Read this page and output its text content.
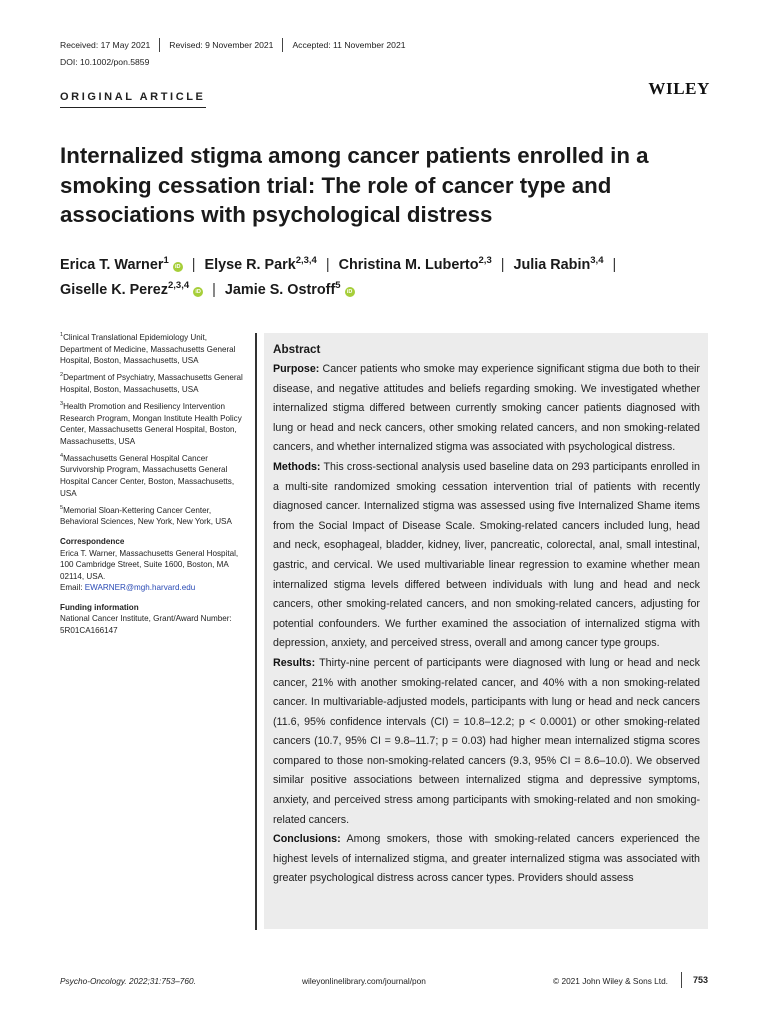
Received: 17 May 2021 Revised: 9 November 2021 Accepted: 11 November 2021
DOI: 10.1002/pon.5859
ORIGINAL ARTICLE	WILEY
Internalized stigma among cancer patients enrolled in a smoking cessation trial: The role of cancer type and associations with psychological distress
Erica T. Warner$^1$iD | Elyse R. Park$^{2,3,4}$ | Christina M. Luberto$^{2,3}$ | Julia Rabin$^{3,4}$ |
Giselle K. Perez$^{2,3,4}$iD | Jamie S. Ostroff$^5$iD
$^1$Clinical Translational Epidemiology Unit, Department of Medicine, Massachusetts General Hospital, Boston, Massachusetts, USA
$^2$Department of Psychiatry, Massachusetts General Hospital, Boston, Massachusetts, USA
$^3$Health Promotion and Resiliency Intervention Research Program, Mongan Institute Health Policy Center, Massachusetts General Hospital, Boston, Massachusetts, USA
$^4$Massachusetts General Hospital Cancer Survivorship Program, Massachusetts General Hospital Cancer Center, Boston, Massachusetts, USA
$^5$Memorial Sloan-Kettering Cancer Center, Behavioral Sciences, New York, New York, USA
Correspondence
Erica T. Warner, Massachusetts General Hospital, 100 Cambridge Street, Suite 1600, Boston, MA 02114, USA.
Email: EWARNER@mgh.harvard.edu
Funding information
National Cancer Institute, Grant/Award Number: 5R01CA166147
Abstract

Purpose: Cancer patients who smoke may experience significant stigma due both to their disease, and negative attitudes and beliefs regarding smoking. We investigated whether internalized stigma differed between currently smoking cancer patients diagnosed with lung or head and neck cancers, other smoking related cancers, and non smoking-related cancers, and whether internalized stigma was associated with psychological distress.

Methods: This cross-sectional analysis used baseline data on 293 participants enrolled in a multi-site randomized smoking cessation intervention trial of patients with recently diagnosed cancer. Internalized stigma was assessed using five Internalized Shame items from the Social Impact of Disease Scale. Smoking-related cancers included lung, head and neck, esophageal, bladder, kidney, liver, pancreatic, colorectal, anal, small intestinal, gastric, and cervical. We used multivariable linear regression to examine whether mean internalized stigma levels differed between individuals with lung and head and neck cancers, other smoking-related cancers, and non smoking-related cancers, adjusting for potential confounders. We further examined the association of internalized stigma with depression, anxiety, and perceived stress, overall and among cancer type groups.

Results: Thirty-nine percent of participants were diagnosed with lung or head and neck cancer, 21% with another smoking-related cancer, and 40% with a non smoking-related cancer. In multivariable-adjusted models, participants with lung or head and neck cancers (11.6, 95% confidence intervals (CI) = 10.8–12.2; p < 0.0001) or other smoking-related cancers (10.7, 95% CI = 9.8–11.7; p = 0.03) had higher mean internalized stigma scores compared to those non-smoking-related cancers (9.3, 95% CI = 8.6–10.0). We observed similar positive associations between internalized stigma and depressive symptoms, anxiety, and perceived stress among participants with smoking-related and non smoking-related cancers.

Conclusions: Among smokers, those with smoking-related cancers experienced the highest levels of internalized stigma, and greater internalized stigma was associated with greater psychological distress across cancer types. Providers should assess

Psycho-Oncology. 2022;31:753–760.	wileyonlinelibrary.com/journal/pon	© 2021 John Wiley & Sons Ltd.	753
